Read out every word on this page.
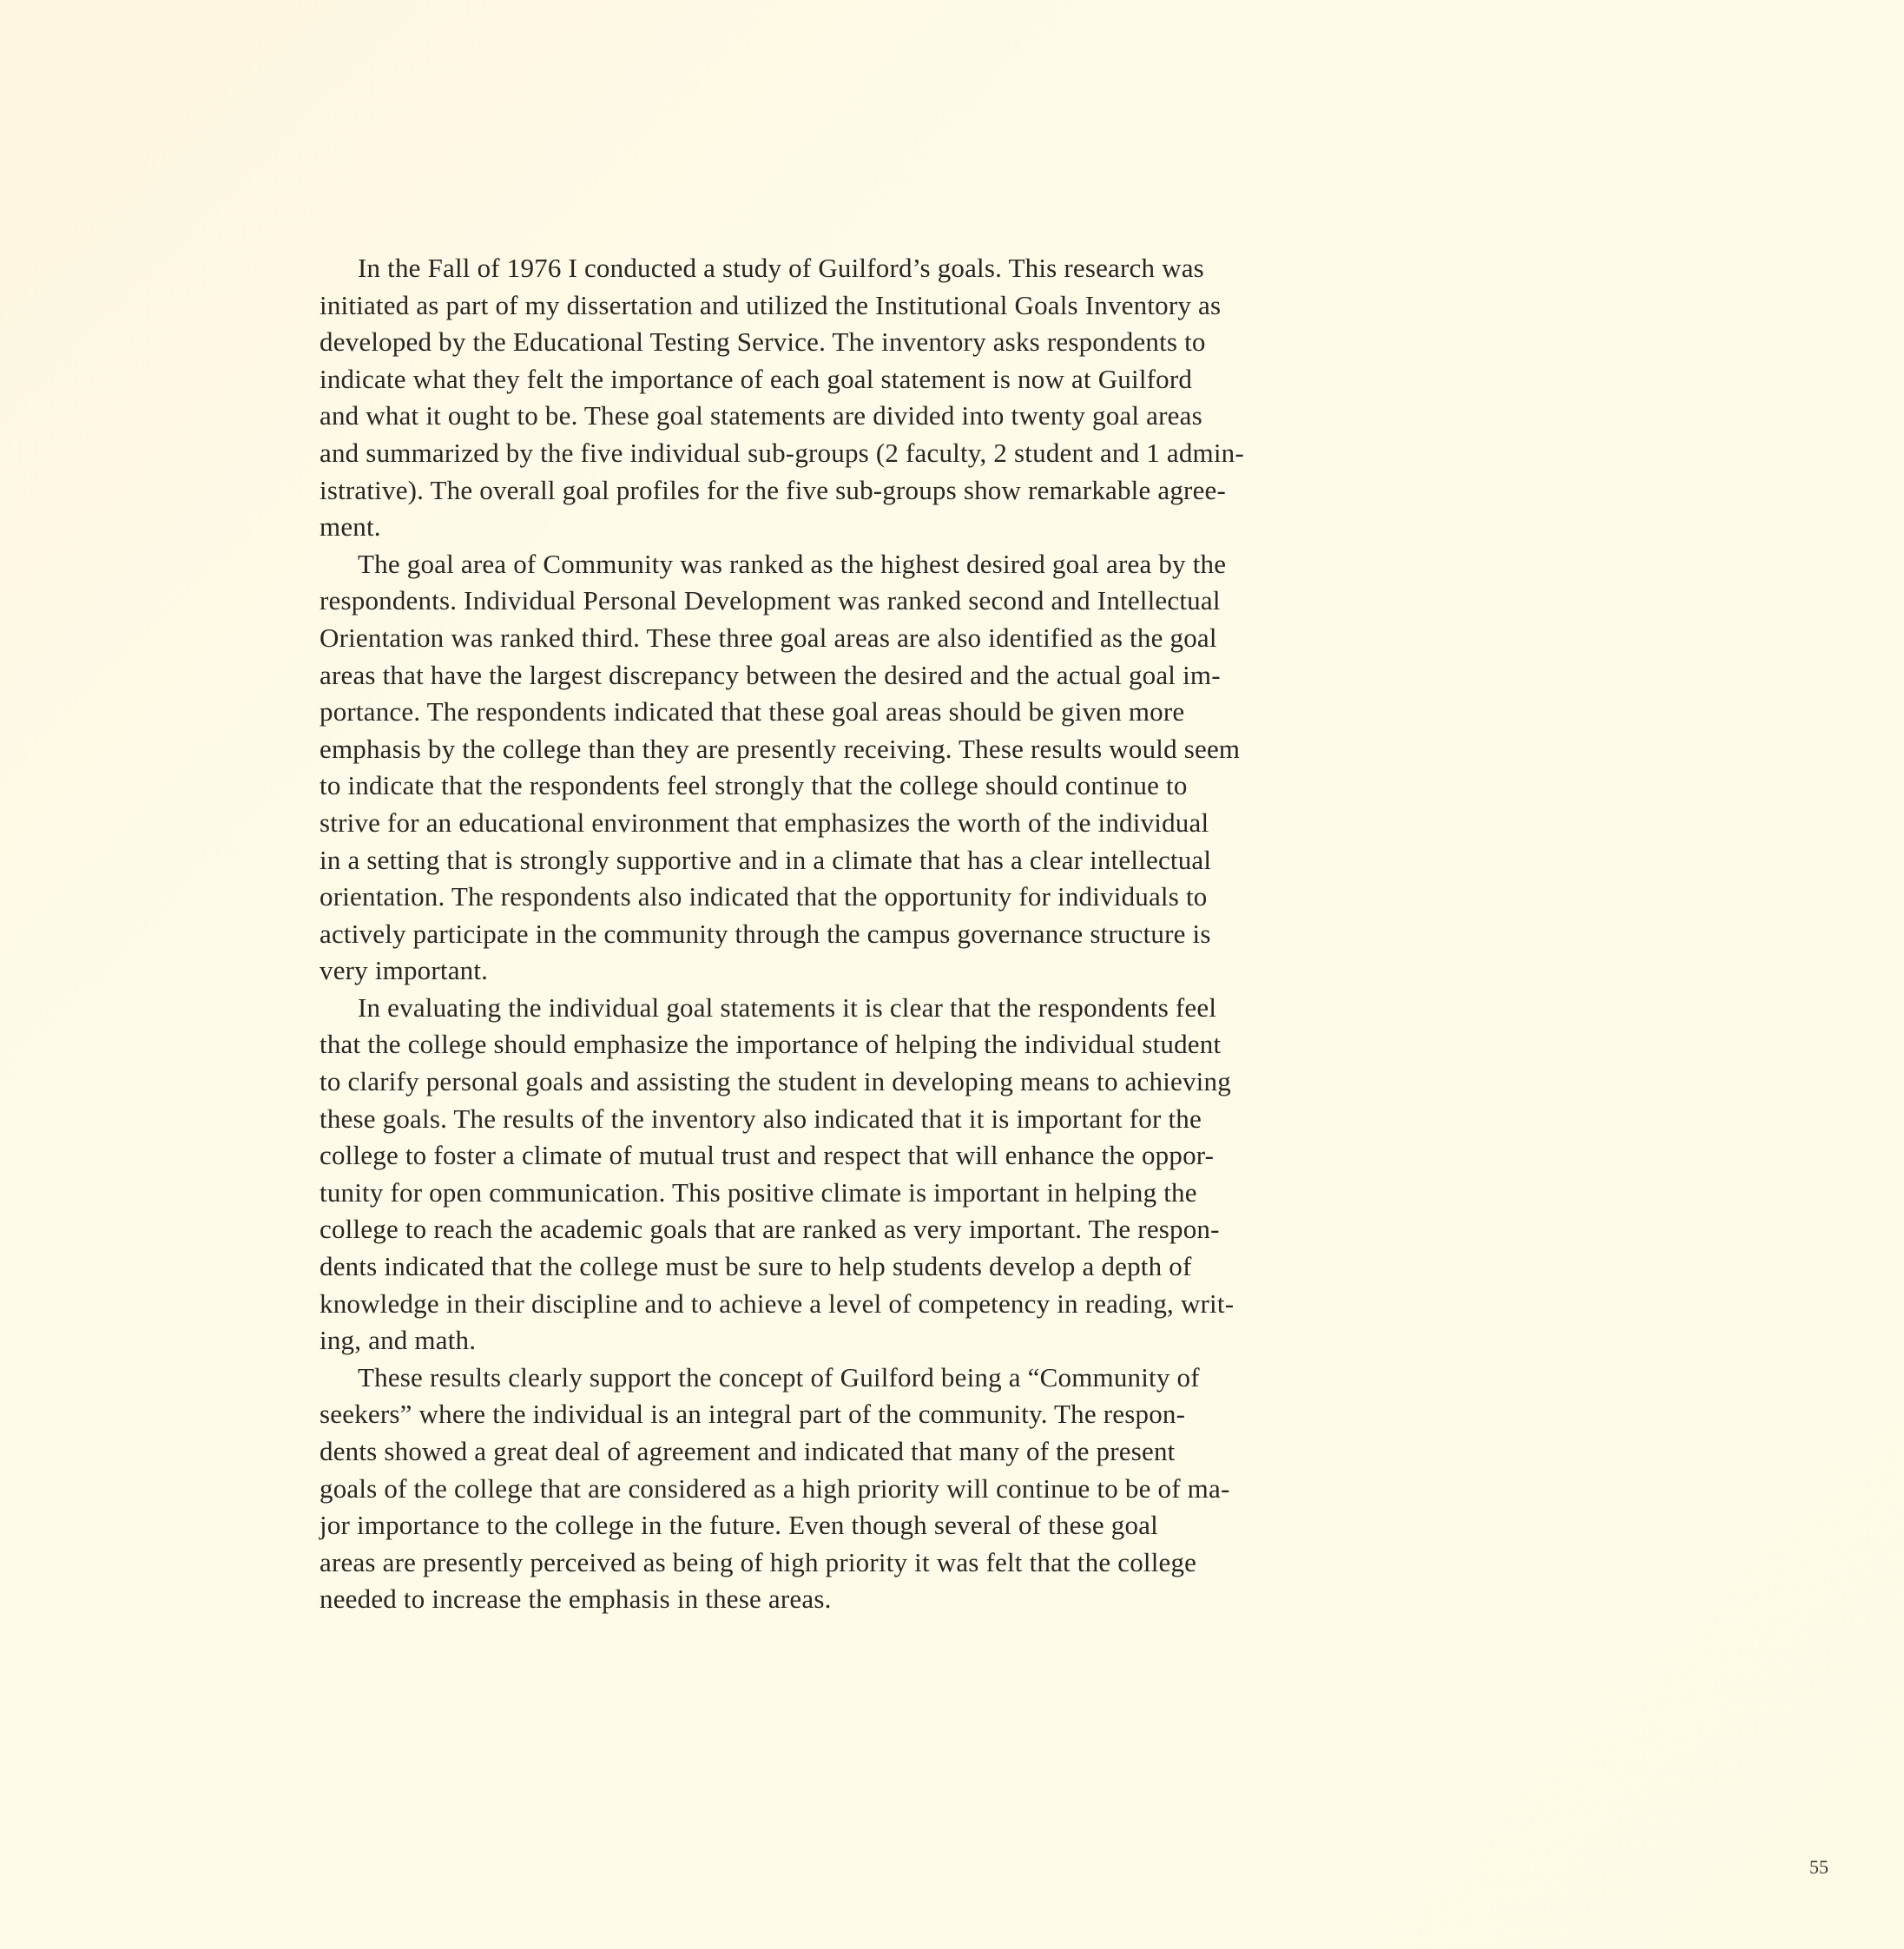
In the Fall of 1976 I conducted a study of Guilford’s goals. This research was
initiated as part of my dissertation and utilized the Institutional Goals Inventory as
developed by the Educational Testing Service. The inventory asks respondents to
indicate what they felt the importance of each goal statement is now at Guilford
and what it ought to be. These goal statements are divided into twenty goal areas
and summarized by the five individual sub-groups (2 faculty, 2 student and 1 admin-
istrative). The overall goal profiles for the five sub-groups show remarkable agree-
ment.
The goal area of Community was ranked as the highest desired goal area by the
respondents. Individual Personal Development was ranked second and Intellectual
Orientation was ranked third. These three goal areas are also identified as the goal
areas that have the largest discrepancy between the desired and the actual goal im-
portance. The respondents indicated that these goal areas should be given more
emphasis by the college than they are presently receiving. These results would seem
to indicate that the respondents feel strongly that the college should continue to
strive for an educational environment that emphasizes the worth of the individual
in a setting that is strongly supportive and in a climate that has a clear intellectual
orientation. The respondents also indicated that the opportunity for individuals to
actively participate in the community through the campus governance structure is
very important.
In evaluating the individual goal statements it is clear that the respondents feel
that the college should emphasize the importance of helping the individual student
to clarify personal goals and assisting the student in developing means to achieving
these goals. The results of the inventory also indicated that it is important for the
college to foster a climate of mutual trust and respect that will enhance the oppor-
tunity for open communication. This positive climate is important in helping the
college to reach the academic goals that are ranked as very important. The respon-
dents indicated that the college must be sure to help students develop a depth of
knowledge in their discipline and to achieve a level of competency in reading, writ-
ing, and math.
These results clearly support the concept of Guilford being a “Community of
seekers” where the individual is an integral part of the community. The respon-
dents showed a great deal of agreement and indicated that many of the present
goals of the college that are considered as a high priority will continue to be of ma-
jor importance to the college in the future. Even though several of these goal
areas are presently perceived as being of high priority it was felt that the college
needed to increase the emphasis in these areas.
55
